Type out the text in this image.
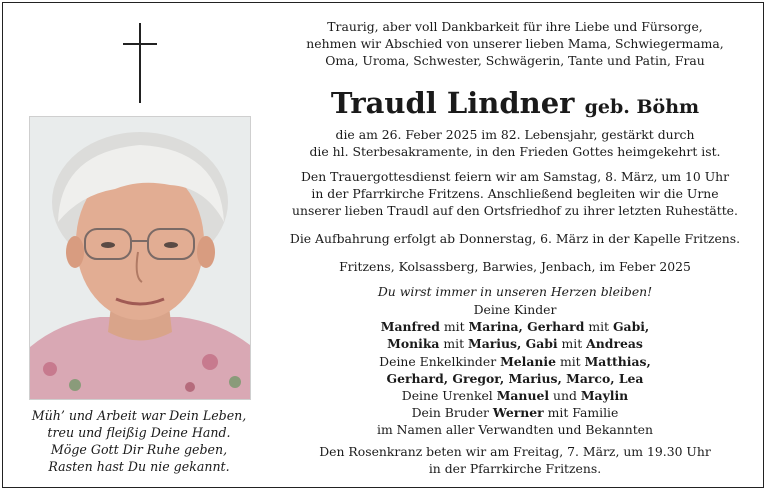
Müh’ und Arbeit war Dein Leben,
treu und fleißig Deine Hand.
Möge Gott Dir Ruhe geben,
Rasten hast Du nie gekannt.
Traurig, aber voll Dankbarkeit für ihre Liebe und Fürsorge,
nehmen wir Abschied von unserer lieben Mama, Schwiegermama,
Oma, Uroma, Schwester, Schwägerin, Tante und Patin, Frau
Traudl Lindner geb. Böhm
die am 26. Feber 2025 im 82. Lebensjahr, gestärkt durch
die hl. Sterbesakramente, in den Frieden Gottes heimgekehrt ist.
Den Trauergottesdienst feiern wir am Samstag, 8. März, um 10 Uhr
in der Pfarrkirche Fritzens. Anschließend begleiten wir die Urne
unserer lieben Traudl auf den Ortsfriedhof zu ihrer letzten Ruhestätte.
Die Aufbahrung erfolgt ab Donnerstag, 6. März in der Kapelle Fritzens.
Fritzens, Kolsassberg, Barwies, Jenbach, im Feber 2025
Du wirst immer in unseren Herzen bleiben!
Deine Kinder
Manfred mit Marina, Gerhard mit Gabi,
Monika mit Marius, Gabi mit Andreas
Deine Enkelkinder Melanie mit Matthias,
Gerhard, Gregor, Marius, Marco, Lea
Deine Urenkel Manuel und Maylin
Dein Bruder Werner mit Familie
im Namen aller Verwandten und Bekannten
Den Rosenkranz beten wir am Freitag, 7. März, um 19.30 Uhr
in der Pfarrkirche Fritzens.
